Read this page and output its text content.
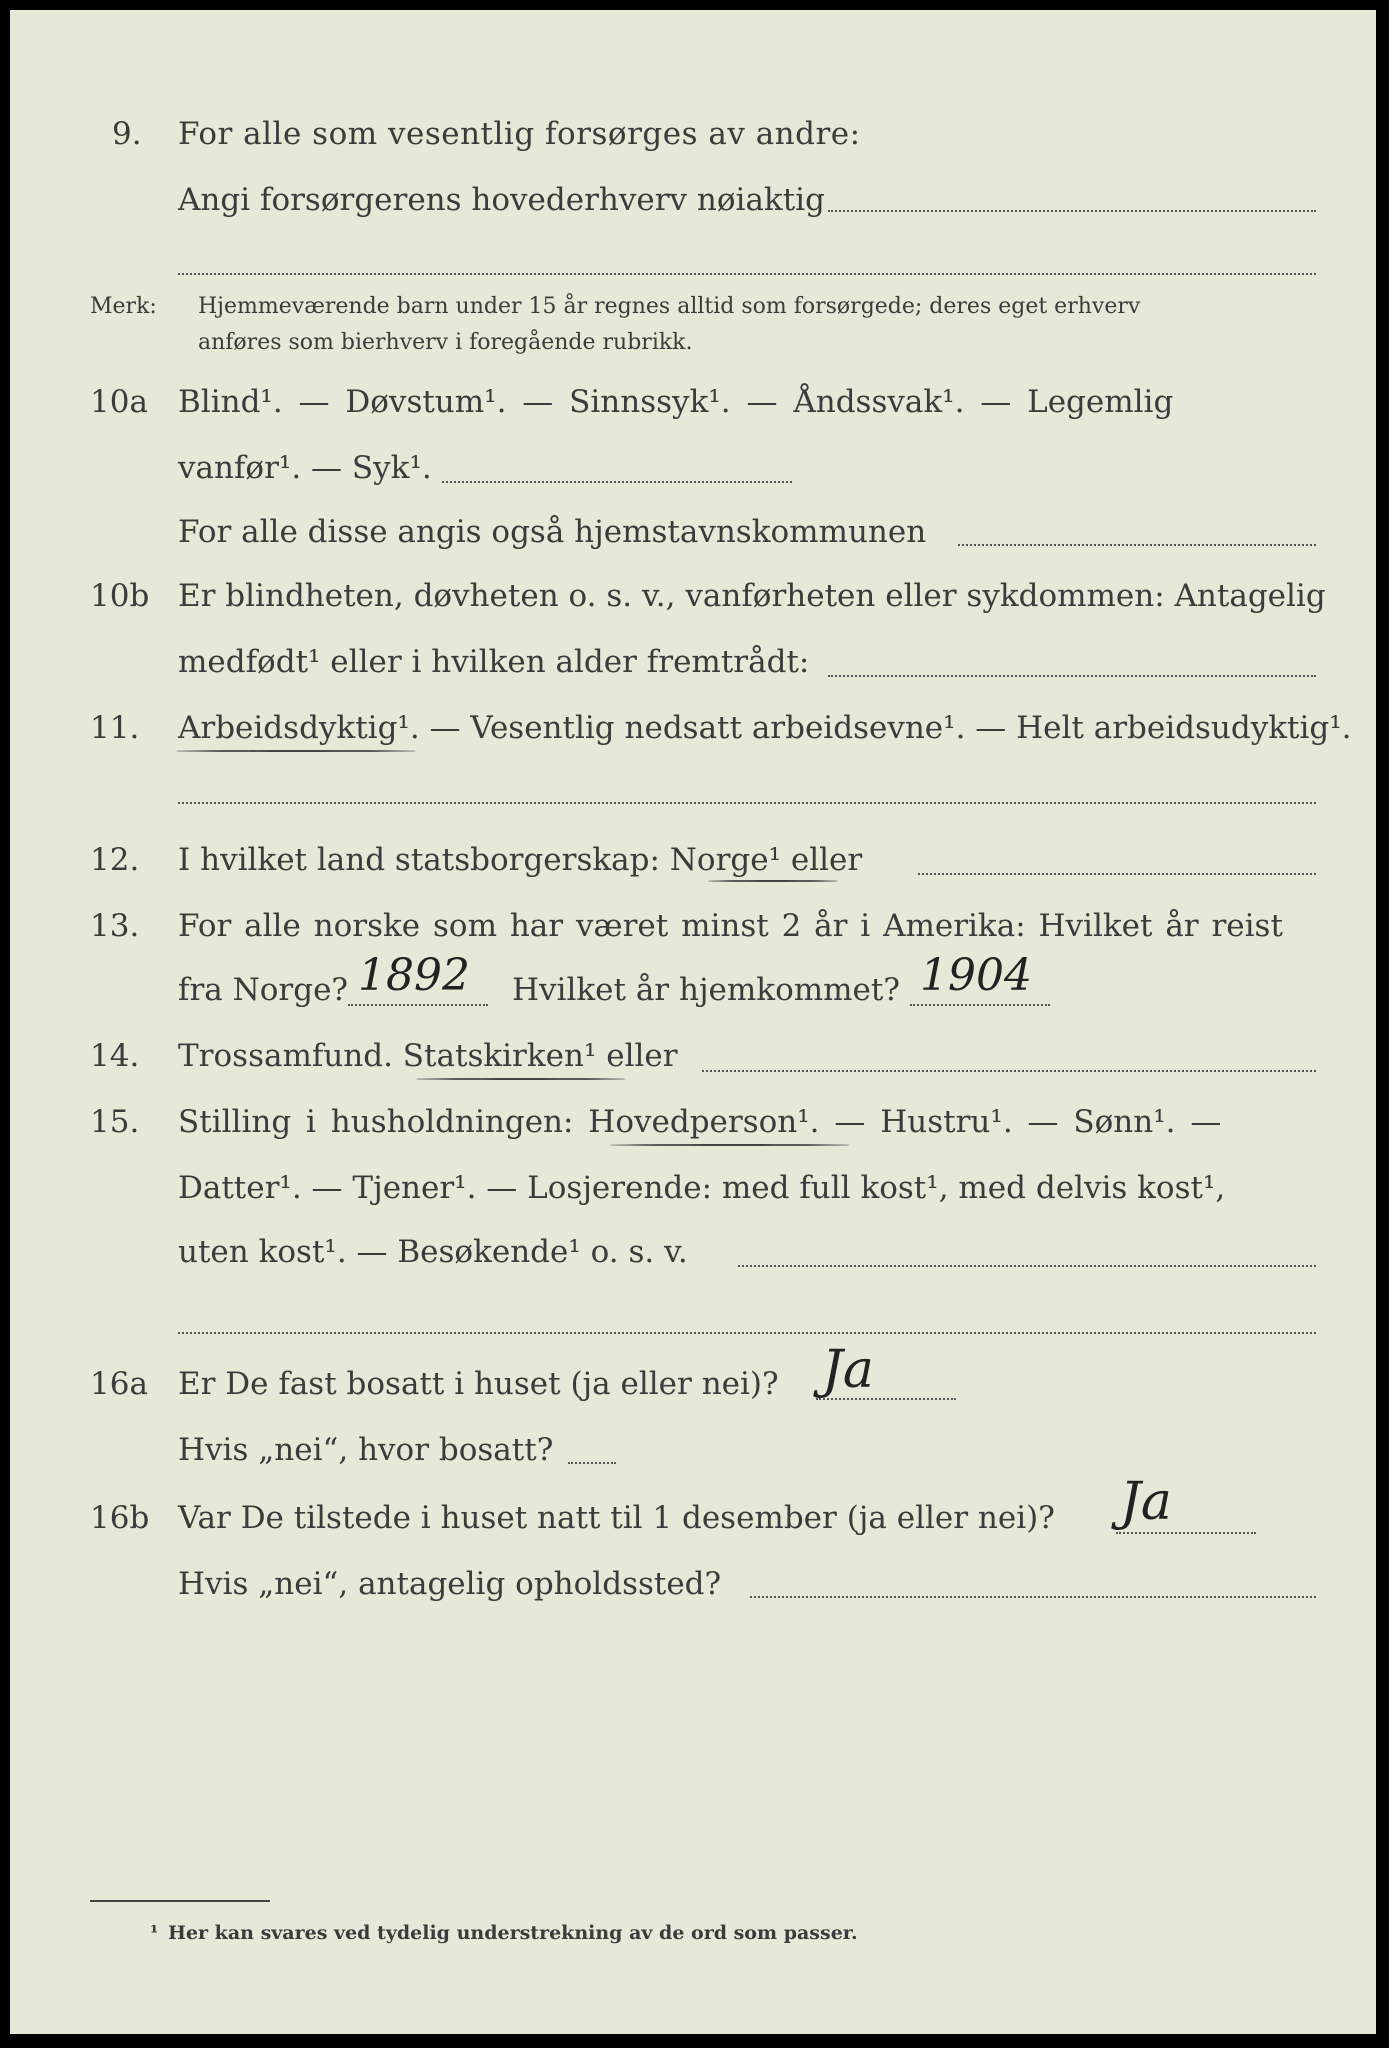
9. For alle som vesentlig forsørges av andre:
Angi forsørgerens hovederhverv nøiaktig
Merk: Hjemmeværende barn under 15 år regnes alltid som forsørgede; deres eget erhverv
anføres som bierhverv i foregående rubrikk.
10a Blind¹. — Døvstum¹. — Sinnssyk¹. — Åndssvak¹. — Legemlig
vanfør¹. — Syk¹.
For alle disse angis også hjemstavnskommunen
10b Er blindheten, døvheten o. s. v., vanførheten eller sykdommen: Antagelig
medfødt¹ eller i hvilken alder fremtrådt:
11. Arbeidsdyktig¹. — Vesentlig nedsatt arbeidsevne¹. — Helt arbeidsudyktig¹.
12. I hvilket land statsborgerskap: Norge¹ eller
13. For alle norske som har været minst 2 år i Amerika: Hvilket år reist
fra Norge? 1892 Hvilket år hjemkommet? 1904
14. Trossamfund. Statskirken¹ eller
15. Stilling i husholdningen: Hovedperson¹. — Hustru¹. — Sønn¹. —
Datter¹. — Tjener¹. — Losjerende: med full kost¹, med delvis kost¹,
uten kost¹. — Besøkende¹ o. s. v.
16a Er De fast bosatt i huset (ja eller nei)? Ja
Hvis „nei“, hvor bosatt?
16b Var De tilstede i huset natt til 1 desember (ja eller nei)? Ja
Hvis „nei“, antagelig opholdssted?
¹ Her kan svares ved tydelig understrekning av de ord som passer.
